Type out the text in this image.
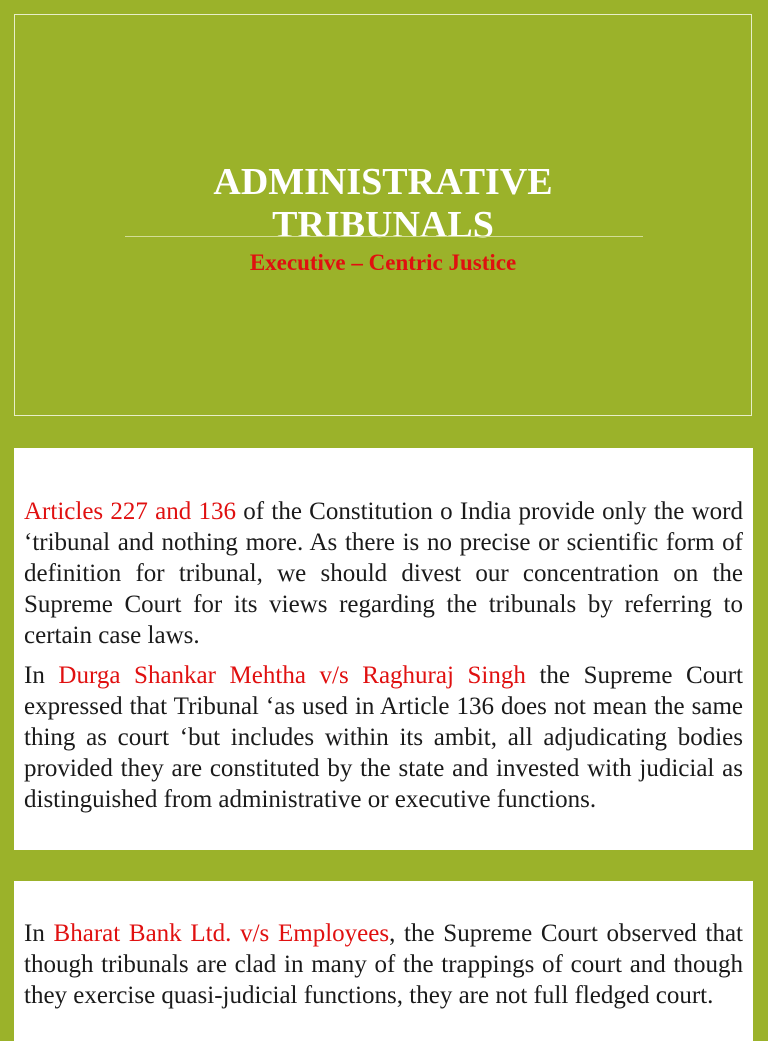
ADMINISTRATIVE
TRIBUNALS
Executive – Centric Justice

Articles 227 and 136 of the Constitution o India provide only the word ‘tribunal and nothing more. As there is no precise or scientific form of definition for tribunal, we should divest our concentration on the Supreme Court for its views regarding the tribunals by referring to certain case laws.

In Durga Shankar Mehtha v/s Raghuraj Singh the Supreme Court expressed that Tribunal ‘as used in Article 136 does not mean the same thing as court ‘but includes within its ambit, all adjudicating bodies provided they are constituted by the state and invested with judicial as distinguished from administrative or executive functions.

In Bharat Bank Ltd. v/s Employees, the Supreme Court observed that though tribunals are clad in many of the trappings of court and though they exercise quasi-judicial functions, they are not full fledged court.
